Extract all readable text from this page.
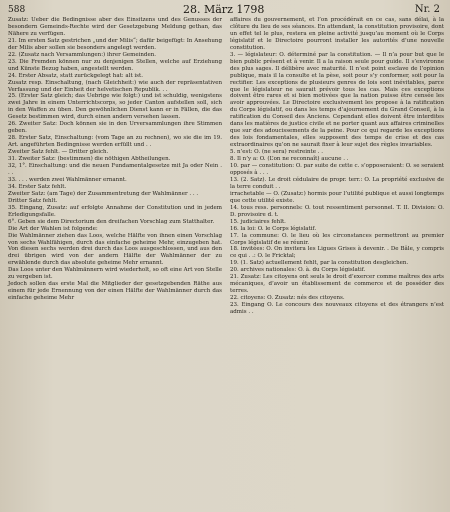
588	28. März 1798	Nr. 2

Zusatz: Ueber die Bedingnisse aber des Einsitzens und des Genusses der besondern Gemeinds-Rechte wird der Gesetzgebung Meldung gethan, das Nähere zu verfügen.

21. Im ersten Satz gestrichen „und der Milis“; dafür beigefügt: In Ansehung der Milis aber sollen sie besonders angelegt werden.

22. (Zusatz nach Versammlungen:) ihrer Gemeinden.

23. Die Fremden können nur zu denjenigen Stellen, welche auf Erziehung und Künste Bezug haben, angestellt werden.

24. Erster Absatz, statt zurückgelegt hat: alt ist.

Zusatz resp. Einschaltung, (nach Gleichheit:) wie auch der repräsentativen Verfassung und der Einheit der helvetischen Republik. . .

25. (Erster Satz gleich; das Uebrige wie folgt:) und ist schuldig, wenigstens zwei Jahre in einem Unterrichtscorps, so jeder Canton aufstellen soll, sich in den Waffen zu üben. Den gewöhnlichen Dienst kann er in Fällen, die das Gesetz bestimmen wird, durch einen andern versehen lassen.

26. Zweiter Satz: Doch können sie in den Urversammlungen ihre Stimmen geben.

28. Erster Satz, Einschaltung: (vom Tage an zu rechnen), wo sie die im 19. Art. angeführten Bedingnisse werden erfüllt und . .

Zweiter Satz fehlt. — Dritter gleich.

31. Zweiter Satz: (bestimmen) die nöthigen Abtheilungen.

32, 1°. Einschaltung: und die neuen Fundamentalgesetze mit Ja oder Nein . . .

33. . . . werden zwei Wahlmänner ernannt.

34. Erster Satz fehlt.

Zweiter Satz: (am Tage) der Zusammentretung der Wahlmänner . . .

Dritter Satz fehlt.

35. Eingang, Zusatz: auf erfolgte Annahme der Constitution und in jedem Erledigungsfalle.

6°. Geben sie dem Directorium den dreifachen Vorschlag zum Statthalter.

Die Art der Wahlen ist folgende:

Die Wahlmänner ziehen das Loos, welche Hälfte von ihnen einen Vorschlag von sechs Wahlfähigen, durch das einfache geheime Mehr, einzugeben hat. Von diesen sechs werden drei durch das Loos ausgeschlossen, und aus den drei übrigen wird von der andern Hälfte der Wahlmänner der zu erwählende durch das absolute geheime Mehr ernannt.

Das Loos unter den Wahlmännern wird wiederholt, so oft eine Art von Stelle zu vergeben ist.

Jedoch sollen das erste Mal die Mitglieder der gesetzgebenden Räthe aus einem für jede Ernennung von der einen Hälfte der Wahlmänner durch das einfache geheime Mehr

affaires du gouvernement, et l’on procédérait en ce cas, sans délai, à la clôture du lieu de ses séances. En attendant, la constitution provisoire, dont un effet tel le plus, restera en pleine activité jusqu’au moment où le Corps législatif et le Directoire pourront installer les autorités d’une nouvelle constitution.

3. — législateur: O. déterminé par la constitution. — Il n’a pour but que le bien public présent et à venir. Il a la raison seule pour guide. Il s’environne des plus sages. Il délibère avec maturité. Il n’est point esclave de l’opinion publique, mais il la consulte et la pèse, soit pour s’y conformer, soit pour la rectifier. Les exceptions de plusieurs genres de lois sont inévitables, parce que le législateur ne saurait prévoir tous les cas. Mais ces exceptions doivent être rares et si bien motivées que la nation puisse être censée les avoir approuvées. Le Directoire exclusivement les propose à la ratification du Corps législatif, ou dans les temps d’ajournement du Grand Conseil, à la ratification du Conseil des Anciens. Cependant elles doivent être interdites dans les matières de justice civile et ne porter quant aux affaires criminelles que sur des adoucissements de la peine. Pour ce qui regarde les exceptions des lois fondamentales, elles supposent des temps de crise et des cas extraordinaires qu’on ne saurait fixer à leur sujet des règles invariables.

5. n’est: O. (ne sera) restreinte . .

8. Il n’y a: O. (L’on ne reconnaît) aucune . .

10. par — constitution: O. par suite de cette c. s’opposeraient: O. se seraient opposés à . . .

13. (2. Satz). Le droit cédulaire de propr. terr.: O. La propriété exclusive de la terre conduit . .

irrachetable — O. (Zusatz:) hormis pour l’utilité publique et aussi longtemps que cette utilité existe.

14. tous ress. personnels: O. tout ressentiment personnel. T. II. Division: O. D. provisoire d. t.

15. judiciaires fehlt.

16. la loi: O. le Corps législatif.

17. la commune: O. le lieu où les circonstances permettront au premier Corps législatif de se réunir.

18. invitées: O. On invitera les Ligues Grises à devenir. . De Bâle, y compris ce qui . .: O. le Fricktal;

19. (1. Satz) actuellement fehlt, par la constitution desgleichen.

20. archives nationales: O. à. du Corps législatif.

21. Zusatz: Les citoyens ont seuls le droit d’exercer comme maîtres des arts mécaniques, d’avoir un établissement de commerce et de posséder des terres.

22. citoyens: O. Zusatz: nés des citoyens.

23. Eingang O. Le concours des nouveaux citoyens et des étrangers n’est admis . .
